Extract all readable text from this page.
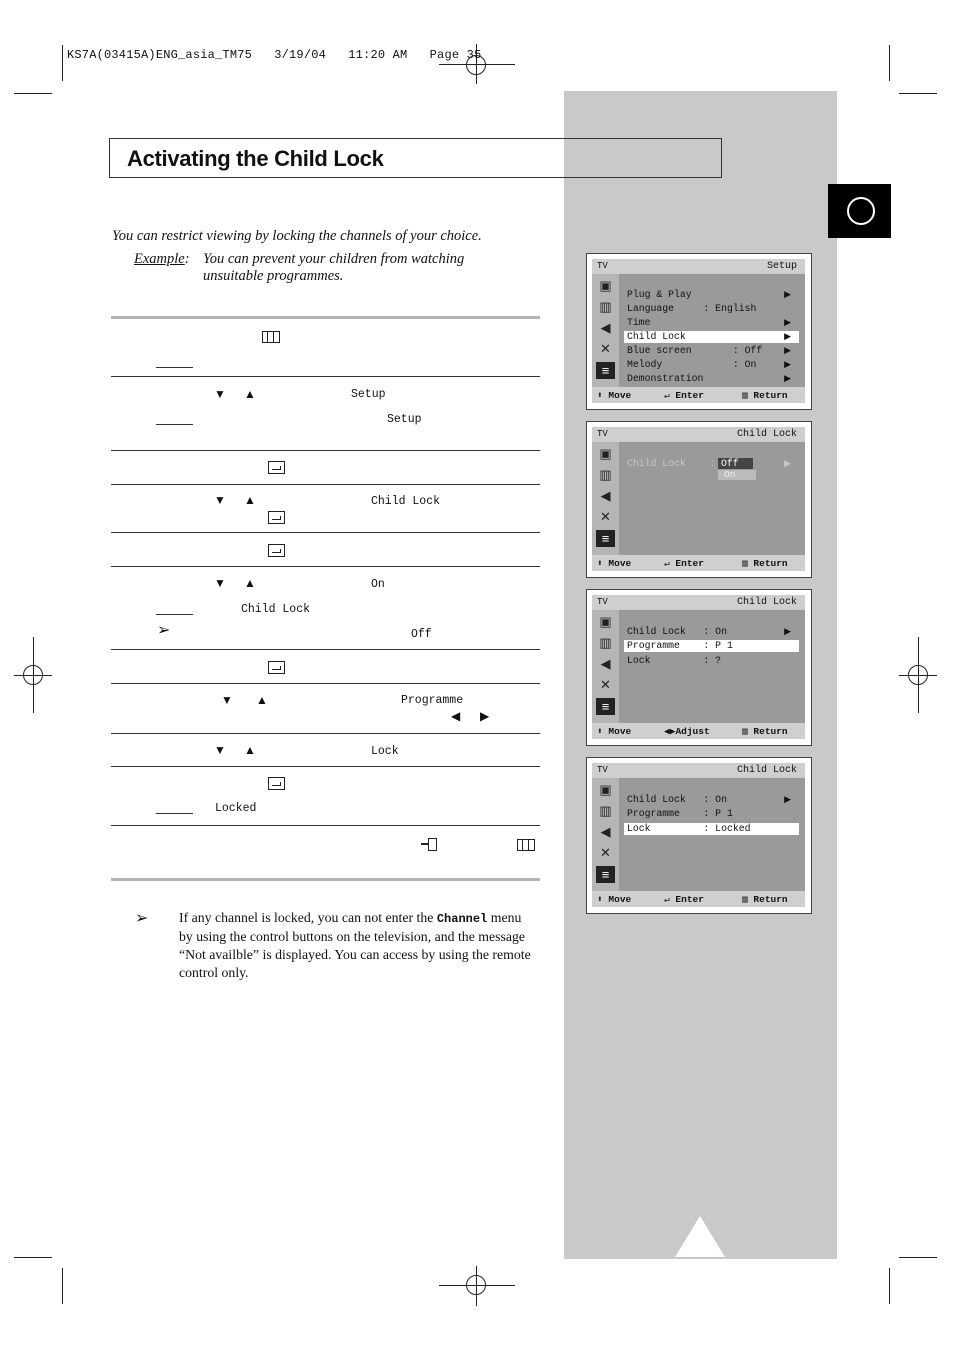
KS7A(03415A)ENG_asia_TM75   3/19/04   11:20 AM   Page 35
Activating the Child Lock
You can restrict viewing by locking the channels of your choice.
Example: You can prevent your children from watching unsuitable programmes.
▼ ▲	Setup
Setup
▼ ▲	Child Lock
▼ ▲	On
Child Lock
➢	Off
▼ ▲	Programme
◀ ▶
▼ ▲	Lock
Locked
➢ If any channel is locked, you can not enter the Channel menu by using the control buttons on the television, and the message “Not availble” is displayed. You can access by using the remote control only.
TV	Setup
▣
▥
◀
✕
≡
Plug & Play	▶
Language     : English
Time	▶
Child Lock	▶
Blue screen       : Off ▶
Melody            : On	▶
Demonstration	▶
⬍ Move	↵ Enter	▥ Return
TV	Child Lock
▣
▥
◀
✕
≡
Child Lock    :	▶
Off
On
⬍ Move	↵ Enter	▥ Return
TV	Child Lock
▣
▥
◀
✕
≡
Child Lock   : On	▶
Programme    : P 1
Lock         : ?
⬍ Move	◀▶Adjust	▥ Return
TV	Child Lock
▣
▥
◀
✕
≡
Child Lock   : On	▶
Programme    : P 1
Lock         : Locked
⬍ Move	↵ Enter	▥ Return
